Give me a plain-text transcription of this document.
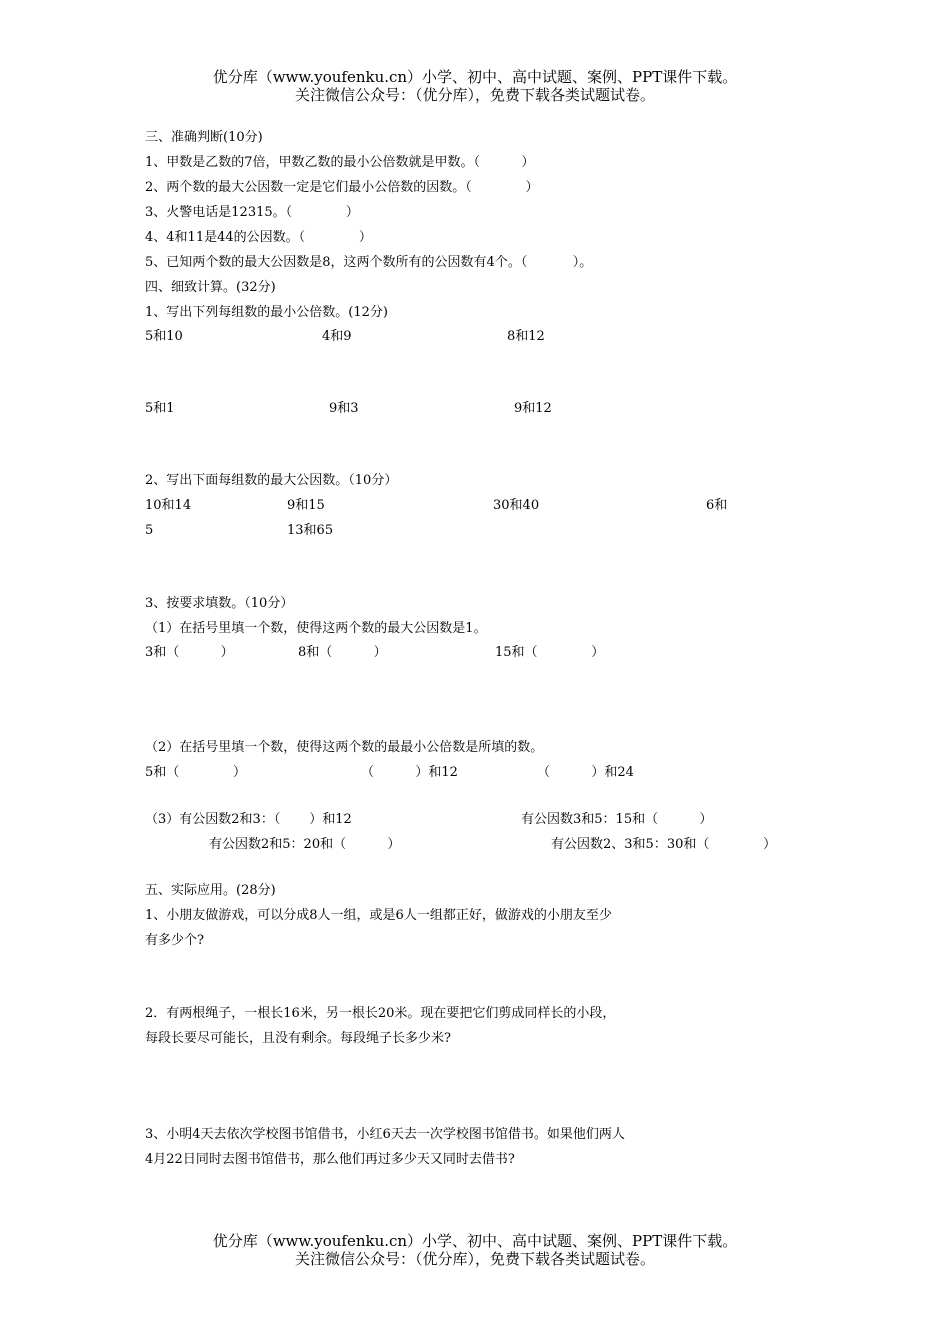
优分库（www.youfenku.cn）小学、初中、高中试题、案例、PPT课件下载。
关注微信公众号：（优分库），免费下载各类试题试卷。
三、准确判断(10分)
1、甲数是乙数的7倍，甲数乙数的最小公倍数就是甲数。（          ）
2、两个数的最大公因数一定是它们最小公倍数的因数。（             ）
3、火警电话是12315。（             ）
4、4和11是44的公因数。（             ）
5、已知两个数的最大公因数是8，这两个数所有的公因数有4个。（           ）。
四、细致计算。(32分)
1、写出下列每组数的最小公倍数。(12分)
5和10	4和9	8和12
5和1	9和3	9和12
2、写出下面每组数的最大公因数。（10分）
10和14	9和15	30和40	6和
5	13和65
3、按要求填数。（10分）
（1）在括号里填一个数，使得这两个数的最大公因数是1。
3和（          ）	8和（          ）	15和（             ）
（2）在括号里填一个数，使得这两个数的最最小公倍数是所填的数。
5和（             ）	（          ）和12	（          ）和24
（3）有公因数2和3：（       ）和12	有公因数3和5：15和（          ）
有公因数2和5：20和（          ）	有公因数2、3和5：30和（             ）
五、实际应用。(28分)
1、小朋友做游戏，可以分成8人一组，或是6人一组都正好，做游戏的小朋友至少
有多少个?
2．有两根绳子，一根长16米，另一根长20米。现在要把它们剪成同样长的小段，
每段长要尽可能长，且没有剩余。每段绳子长多少米?
3、小明4天去依次学校图书馆借书，小红6天去一次学校图书馆借书。如果他们两人
4月22日同时去图书馆借书，那么他们再过多少天又同时去借书?
优分库（www.youfenku.cn）小学、初中、高中试题、案例、PPT课件下载。
关注微信公众号：（优分库），免费下载各类试题试卷。
